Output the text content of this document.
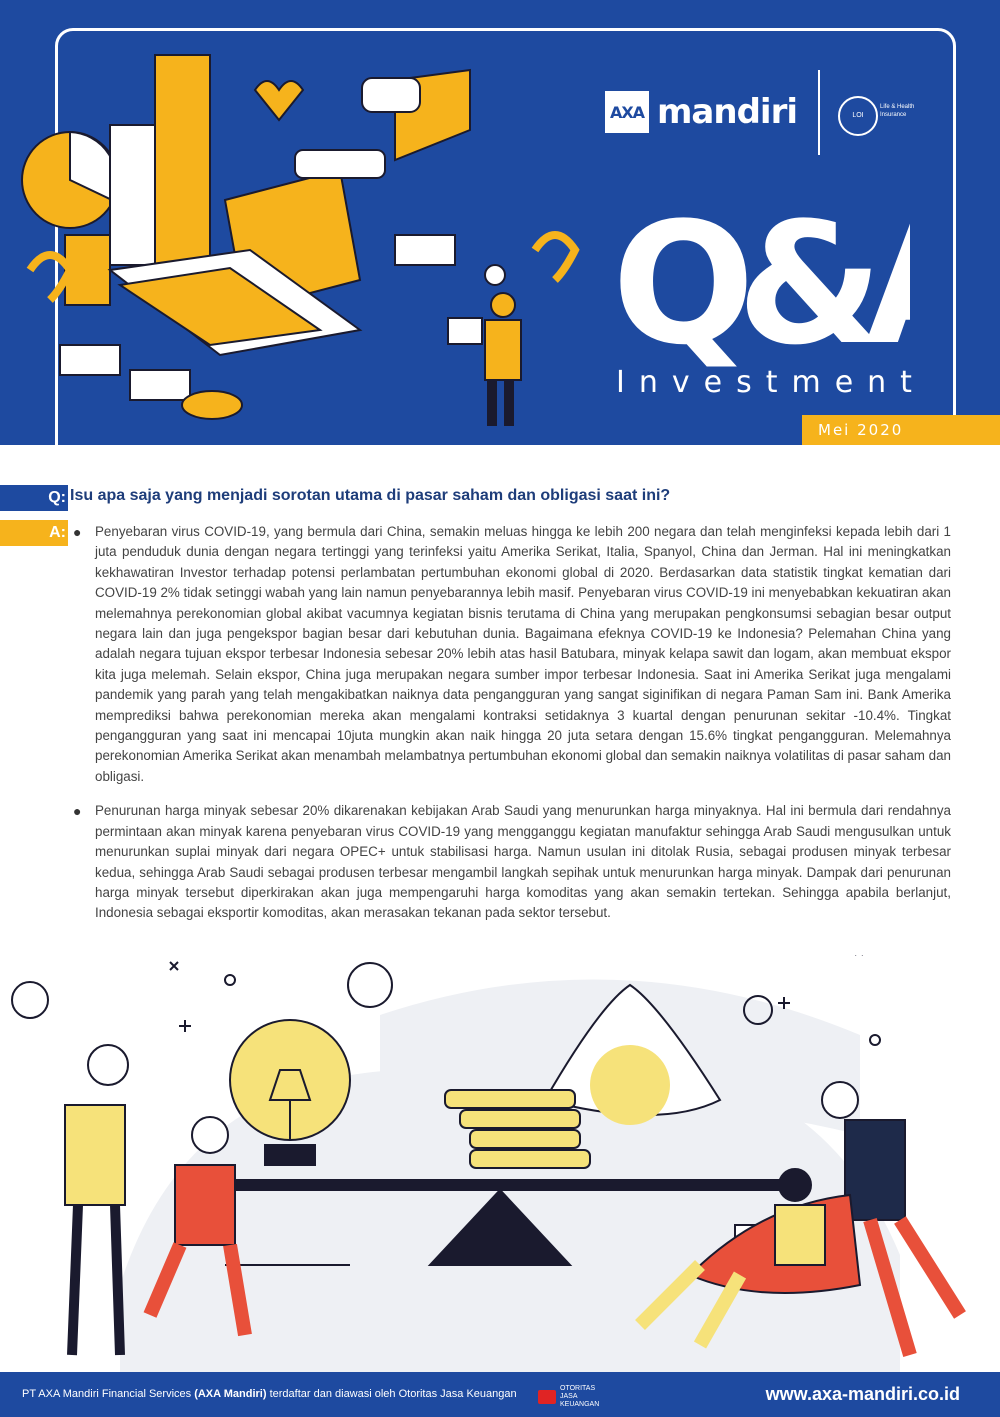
AXA mandiri	LOI
Life & Health Insurance
Q&
Investment
Mei 2020
Q: Isu apa saja yang menjadi sorotan utama di pasar saham dan obligasi saat ini?
A: ●	Penyebaran virus COVID-19, yang bermula dari China, semakin meluas hingga ke lebih 200 negara dan telah menginfeksi kepada lebih dari 1 juta penduduk dunia dengan negara tertinggi yang terinfeksi yaitu Amerika Serikat, Italia, Spanyol, China dan Jerman. Hal ini meningkatkan kekhawatiran Investor terhadap potensi perlambatan pertumbuhan ekonomi global di 2020. Berdasarkan data statistik tingkat kematian dari COVID-19 2% tidak setinggi wabah yang lain namun penyebarannya lebih masif. Penyebaran virus COVID-19 ini menyebabkan kekuatiran akan melemahnya perekonomian global akibat vacumnya kegiatan bisnis terutama di China yang merupakan pengkonsumsi sebagian besar output negara lain dan juga pengekspor bagian besar dari kebutuhan dunia. Bagaimana efeknya COVID-19 ke Indonesia? Pelemahan China yang adalah negara tujuan ekspor terbesar Indonesia sebesar 20% lebih atas hasil Batubara, minyak kelapa sawit dan logam, akan membuat ekspor kita juga melemah. Selain ekspor, China juga merupakan negara sumber impor terbesar Indonesia. Saat ini Amerika Serikat juga mengalami pandemik yang parah yang telah mengakibatkan naiknya data pengangguran yang sangat siginifikan di negara Paman Sam ini. Bank Amerika memprediksi bahwa perekonomian mereka akan mengalami kontraksi setidaknya 3 kuartal dengan penurunan sekitar -10.4%. Tingkat pengangguran yang saat ini mencapai 10juta mungkin akan naik hingga 20 juta setara dengan 15.6% tingkat pengangguran. Melemahnya perekonomian Amerika Serikat akan menambah melambatnya pertumbuhan ekonomi global dan semakin naiknya volatilitas di pasar saham dan obligasi.

●	Penurunan harga minyak sebesar 20% dikarenakan kebijakan Arab Saudi yang menurunkan harga minyaknya. Hal ini bermula dari rendahnya permintaan akan minyak karena penyebaran virus COVID-19 yang mengganggu kegiatan manufaktur sehingga Arab Saudi mengusulkan untuk menurunkan suplai minyak dari negara OPEC+ untuk stabilisasi harga. Namun usulan ini ditolak Rusia, sebagai produsen minyak terbesar kedua, sehingga Arab Saudi sebagai produsen terbesar mengambil langkah sepihak untuk menurunkan harga minyak. Dampak dari penurunan harga minyak tersebut diperkirakan akan juga mempengaruhi harga komoditas yang akan semakin tertekan. Sehingga apabila berlanjut, Indonesia sebagai eksportir komoditas, akan merasakan tekanan pada sektor tersebut.

PT AXA Mandiri Financial Services (AXA Mandiri) terdaftar dan diawasi oleh Otoritas Jasa Keuangan	OTORITAS JASA KEUANGAN
www.axa-mandiri.co.id
